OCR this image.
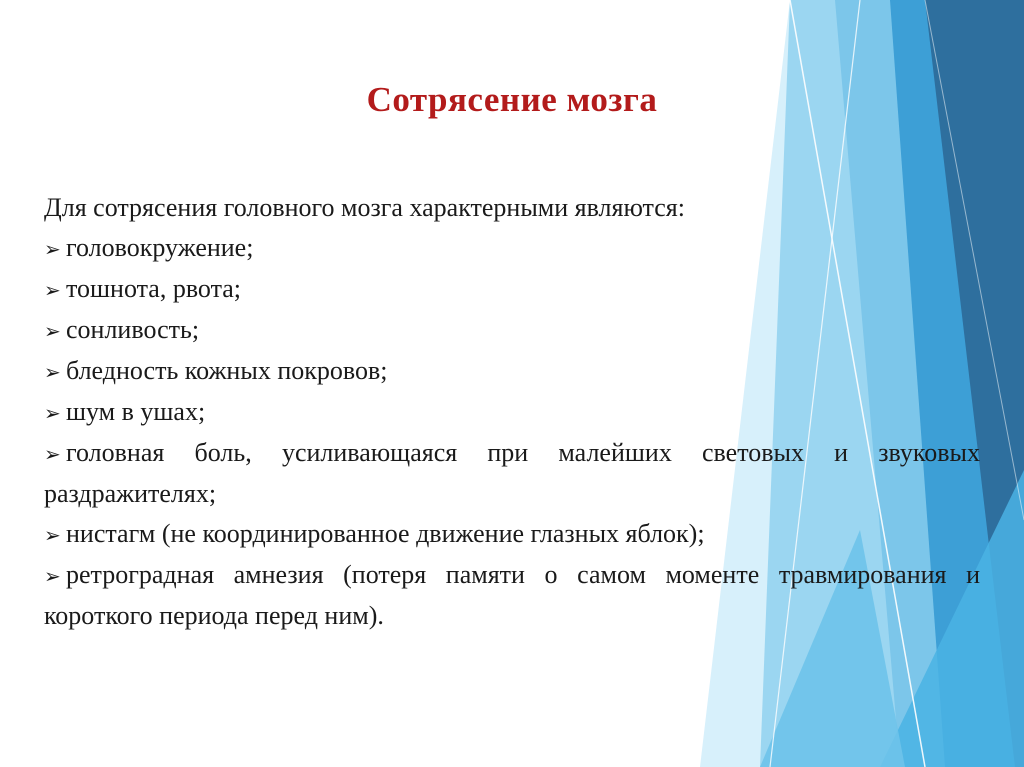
Сотрясение мозга

Для сотрясения головного мозга характерными являются:

➢ головокружение;

➢ тошнота, рвота;

➢ сонливость;

➢ бледность кожных покровов;

➢ шум в ушах;

➢ головная боль, усиливающаяся при малейших световых и звуковых раздражителях;

➢ нистагм (не координированное движение глазных яблок);

➢ ретроградная амнезия (потеря памяти о самом моменте травмирования и короткого периода перед ним).
